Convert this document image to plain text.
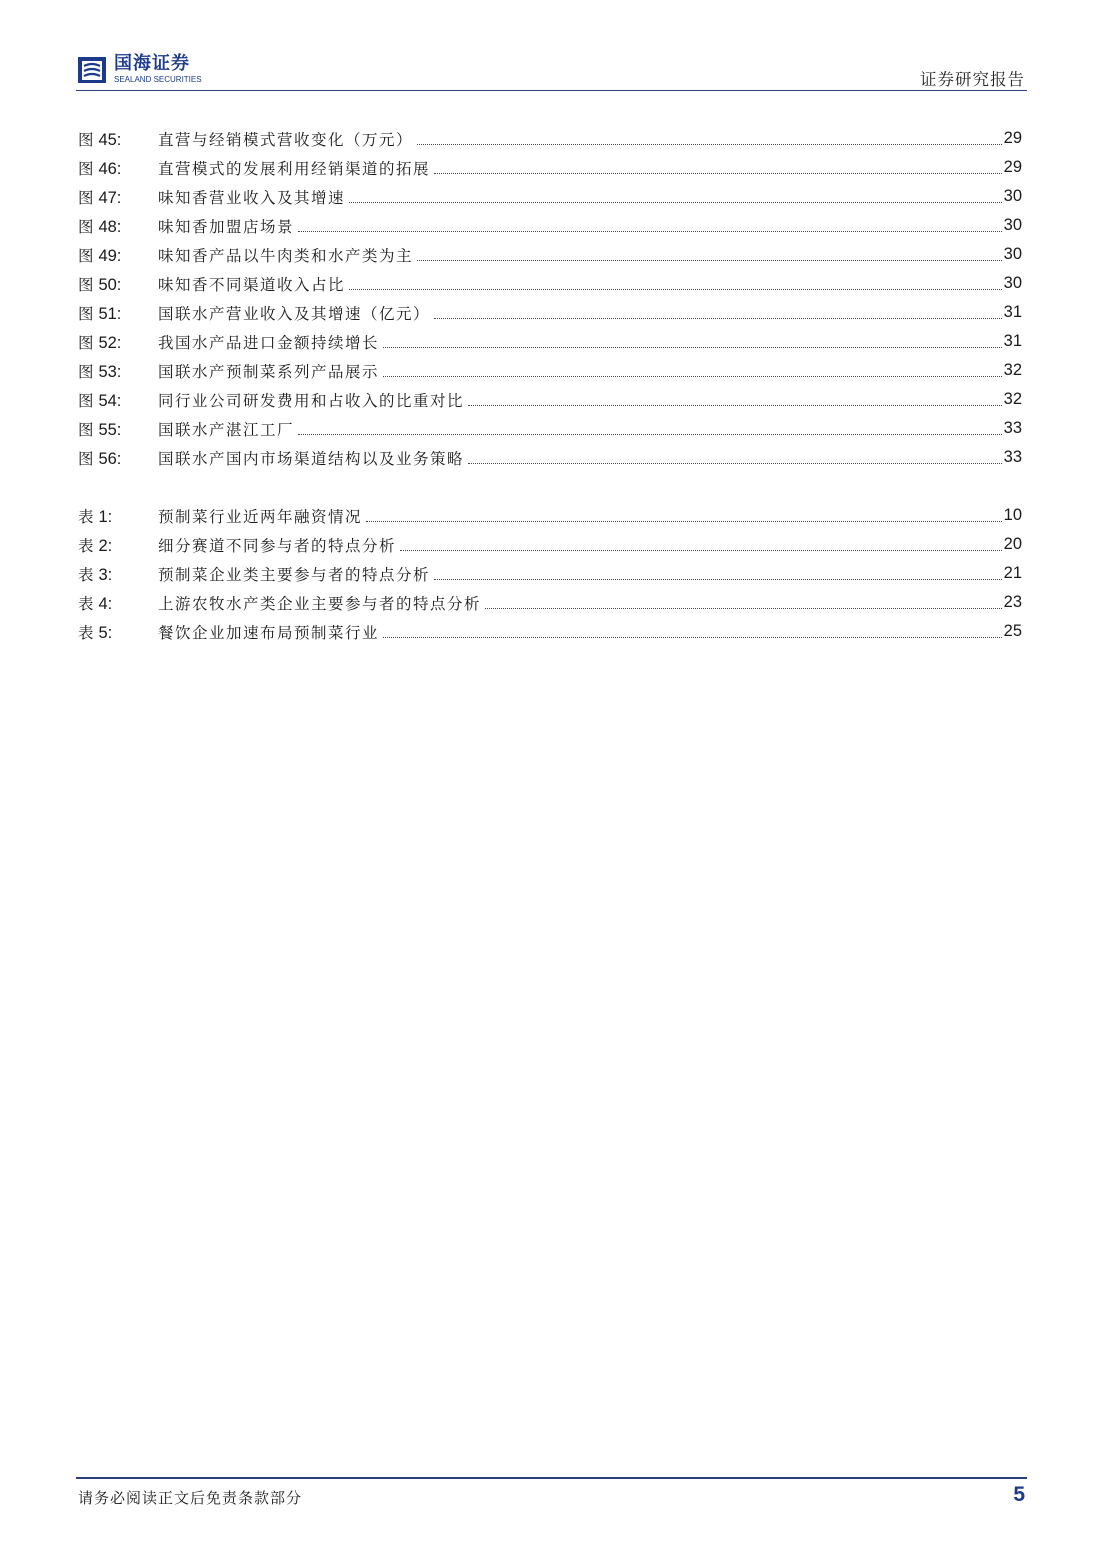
国海证券
SEALAND SECURITIES	证券研究报告
图 45:	直营与经销模式营收变化（万元）	29
图 46:	直营模式的发展利用经销渠道的拓展	29
图 47:	味知香营业收入及其增速	30
图 48:	味知香加盟店场景	30
图 49:	味知香产品以牛肉类和水产类为主	30
图 50:	味知香不同渠道收入占比	30
图 51:	国联水产营业收入及其增速（亿元）	31
图 52:	我国水产品进口金额持续增长	31
图 53:	国联水产预制菜系列产品展示	32
图 54:	同行业公司研发费用和占收入的比重对比	32
图 55:	国联水产湛江工厂	33
图 56:	国联水产国内市场渠道结构以及业务策略	33
表 1:	预制菜行业近两年融资情况	10
表 2:	细分赛道不同参与者的特点分析	20
表 3:	预制菜企业类主要参与者的特点分析	21
表 4:	上游农牧水产类企业主要参与者的特点分析	23
表 5:	餐饮企业加速布局预制菜行业	25
请务必阅读正文后免责条款部分	5
